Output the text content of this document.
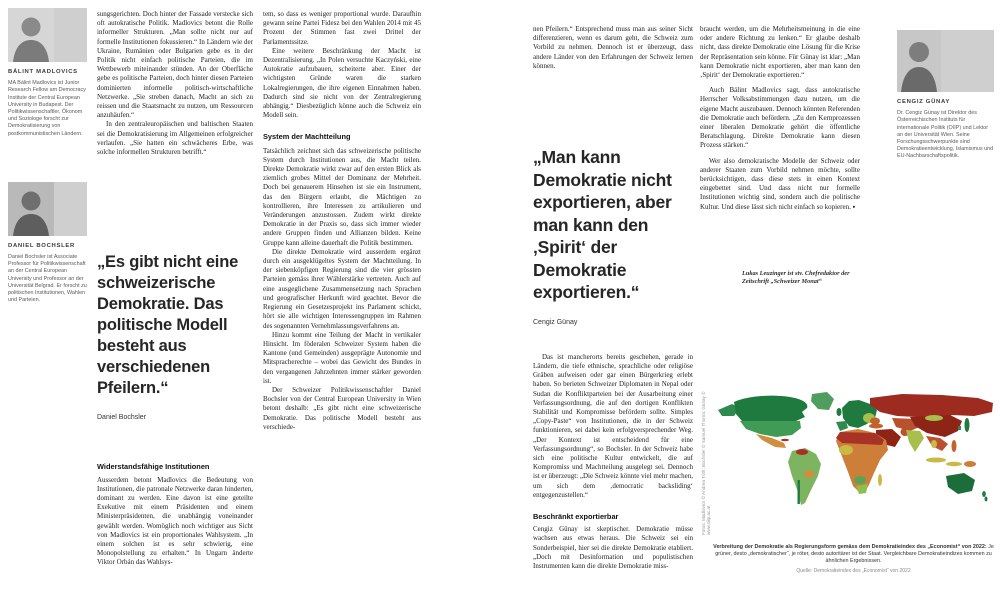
BÁLINT MADLOVICS
MA Bálint Madlovics ist Junior Research Fellow am Democracy Institute der Central European University in Budapest. Der Politikwissenschaftler, Ökonom und Soziologe forscht zur Demokratisierung von postkommunistischen Ländern.
DANIEL BOCHSLER
Daniel Bochsler ist Associate Professor für Politikwissenschaft an der Central European University und Professor an der Universität Belgrad. Er forscht zu politischen Institutionen, Wahlen und Parteien.

sungsgerichten. Doch hinter der Fassade verstecke sich oft autokratische Politik. Madlovics betont die Rolle informeller Strukturen. „Man sollte nicht nur auf formelle Institutionen fokussieren.“ In Ländern wie der Ukraine, Rumänien oder Bulgarien gebe es in der Politik nicht einfach politische Parteien, die im Wettbewerb miteinander stünden. An der Oberfläche gebe es politische Parteien, doch hinter diesen Parteien dominierten informelle politisch-wirtschaftliche Netzwerke. „Sie streben danach, Macht an sich zu reissen und die Staatsmacht zu nutzen, um Ressourcen anzuhäufen.“

In den zentraleuropäischen und baltischen Staaten sei die Demokratisierung im Allgemeinen erfolgreicher verlaufen. „Sie hatten ein schwächeres Erbe, was solche informellen Strukturen betrifft.“

„Es gibt nicht eine schweizerische Demokratie. Das politische Modell besteht aus verschiedenen Pfeilern.“
Daniel Bochsler
Widerstandsfähige Institutionen

Ausserdem betont Madlovics die Bedeutung von Institutionen, die patronale Netzwerke daran hinderten, dominant zu werden. Eine davon ist eine geteilte Exekutive mit einem Präsidenten und einem Ministerpräsidenten, die unabhängig voneinander gewählt werden. Womöglich noch wichtiger aus Sicht von Madlovics ist ein proportionales Wahlsystem. „In einem solchen ist es sehr schwierig, eine Monopolstellung zu erhalten.“ In Ungarn änderte Viktor Orbán das Wahlsys-

tem, so dass es weniger proportional wurde. Daraufhin gewann seine Partei Fidesz bei den Wahlen 2014 mit 45 Prozent der Stimmen fast zwei Drittel der Parlamentssitze.

Eine weitere Beschränkung der Macht ist Dezentralisierung. „In Polen versuchte Kaczyński, eine Autokratie aufzubauen, scheiterte aber. Einer der wichtigsten Gründe waren die starken Lokalregierungen, die ihre eigenen Einnahmen haben. Dadurch sind sie nicht von der Zentralregierung abhängig.“ Diesbezüglich könne auch die Schweiz ein Modell sein.

System der Machtteilung

Tatsächlich zeichnet sich das schweizerische politische System durch Institutionen aus, die Macht teilen. Direkte Demokratie wirkt zwar auf den ersten Blick als ziemlich grobes Mittel der Dominanz der Mehrheit. Doch bei genauerem Hinsehen ist sie ein Instrument, das den Bürgern erlaubt, die Mächtigen zu kontrollieren, ihre Interessen zu artikulieren und Veränderungen anzustossen. Zudem wirkt direkte Demokratie in der Praxis so, dass sich immer wieder andere Gruppen finden und Allianzen bilden. Keine Gruppe kann alleine dauerhaft die Politik bestimmen.

Die direkte Demokratie wird ausserdem ergänzt durch ein ausgeklügeltes System der Machtteilung. In der siebenköpfigen Regierung sind die vier grössten Parteien gemäss ihrer Wählerstärke vertreten. Auch auf eine ausgeglichene Zusammensetzung nach Sprachen und geografischer Herkunft wird geachtet. Bevor die Regierung ein Gesetzesprojekt ins Parlament schickt, hört sie alle wichtigen Interessengruppen im Rahmen des sogenannten Vernehmlassungsverfahrens an.

Hinzu kommt eine Teilung der Macht in vertikaler Hinsicht. Im föderalen Schweizer System haben die Kantone (und Gemeinden) ausgeprägte Autonomie und Mitspracherechte – wobei das Gewicht des Bundes in den vergangenen Jahrzehnten immer stärker geworden ist.

Der Schweizer Politikwissenschaftler Daniel Bochsler von der Central European University in Wien betont deshalb: „Es gibt nicht eine schweizerische Demokratie. Das politische Modell besteht aus verschiede-

nen Pfeilern.“ Entsprechend muss man aus seiner Sicht differenzieren, wenn es darum geht, die Schweiz zum Vorbild zu nehmen. Dennoch ist er überzeugt, dass andere Länder von den Erfahrungen der Schweiz lernen können.

„Man kann Demokratie nicht exportieren, aber man kann den ‚Spirit‘ der Demokratie exportieren.“
Cengiz Günay

Das ist mancherorts bereits geschehen, gerade in Ländern, die tiefe ethnische, sprachliche oder religiöse Gräben aufweisen oder gar einen Bürgerkrieg erlebt haben. So berieten Schweizer Diplomaten in Nepal oder Sudan die Konfliktparteien bei der Ausarbeitung einer Verfassungsordnung, die auf den dortigen Konflikten Stabilität und Kompromisse befördern sollte. Simples „Copy-Paste“ von Institutionen, die in der Schweiz funktionieren, sei dabei kein erfolgversprechender Weg. „Der Kontext ist entscheidend für eine Verfassungsordnung“, so Bochsler. In der Schweiz habe sich eine politische Kultur entwickelt, die auf Kompromiss und Machtteilung ausgelegt sei. Dennoch ist er überzeugt: „Die Schweiz könnte viel mehr machen, um sich dem ‚democratic backsliding‘ entgegenzustellen.“

Beschränkt exportierbar

Cengiz Günay ist skeptischer. Demokratie müsse wachsen aus etwas heraus. Die Schweiz sei ein Sonderbeispiel, hier sei die direkte Demokratie etabliert. „Doch mit Desinformation und populistischen Instrumenten kann die direkte Demokratie miss-

braucht werden, um die Mehrheitsmeinung in die eine oder andere Richtung zu lenken.“ Er glaube deshalb nicht, dass direkte Demokratie eine Lösung für die Krise der Repräsentation sein könne. Für Günay ist klar: „Man kann Demokratie nicht exportieren, aber man kann den ‚Spirit‘ der Demokratie exportieren.“

Auch Bálint Madlovics sagt, dass autokratische Herrscher Volksabstimmungen dazu nutzen, um die eigene Macht auszubauen. Dennoch könnten Referenden die Demokratie auch befördern. „Zu den Kernprozessen einer liberalen Demokratie gehört die öffentliche Beratschlagung. Direkte Demokratie kann diesen Prozess stärken.“

Wer also demokratische Modelle der Schweiz oder anderer Staaten zum Vorbild nehmen möchte, sollte berücksichtigen, dass diese stets in einen Kontext eingebettet sind. Und dass nicht nur formelle Institutionen wichtig sind, sondern auch die politische Kultur. Und diese lässt sich nicht einfach so kopieren. ▪

Lukas Leuzinger ist stv. Chefredaktor der Zeitschrift „Schweizer Monat“
CENGIZ GÜNAY
Dr. Cengiz Günay ist Direktor des Österreichischen Instituts für internationale Politik (OIIP) und Lektor an der Universität Wien. Seine Forschungsschwerpunkte sind Demokratieentwicklung, Islamismus und EU-Nachbarschaftspolitik.
Fotos: Madlovics © Andrea Tóth; Bochsler © Samuel Thoma; Günay © www.oiip.ac.at
Verbreitung der Demokratie als Regierungsform gemäss dem Demokratieindex des „Economist“ von 2022: Je grüner, desto „demokratischer“, je röter, desto autoritärer ist der Staat. Vergleichbare Demokratieindizes kommen zu ähnlichen Ergebnissen.
Quelle: Demokratieindex des „Economist“ von 2022
